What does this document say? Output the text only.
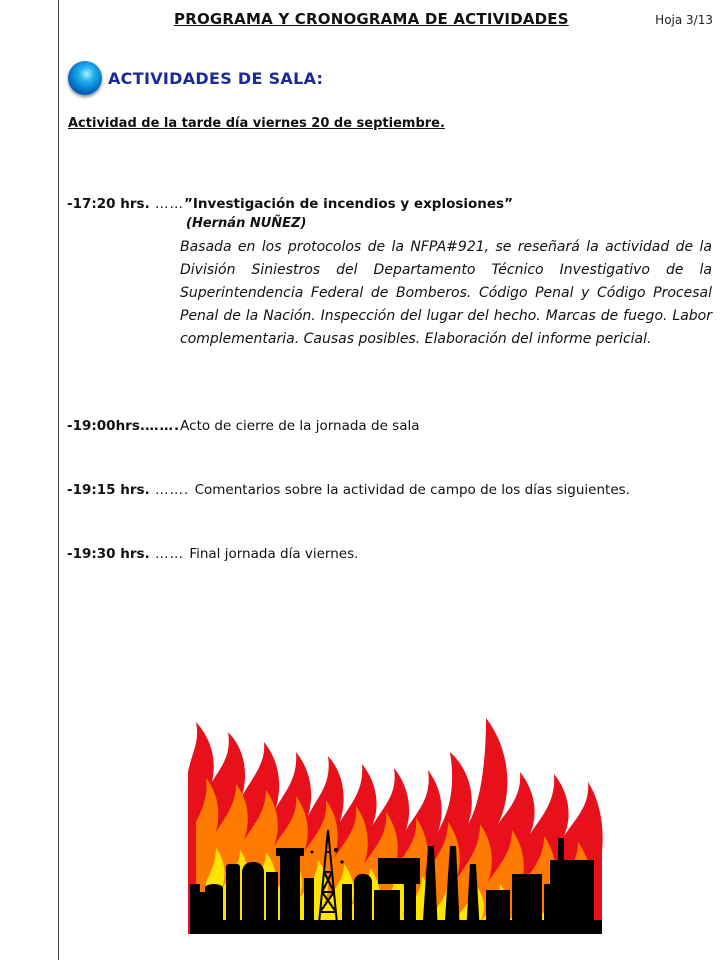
Hoja 3/13
PROGRAMA Y CRONOGRAMA DE ACTIVIDADES
ACTIVIDADES DE SALA:
Actividad de la tarde día viernes 20 de septiembre.
-17:20 hrs. ……”Investigación de incendios y explosiones”
(Hernán NUÑEZ)
Basada en los protocolos de la NFPA#921, se reseñará la actividad de la División Siniestros del Departamento Técnico Investigativo de la Superintendencia Federal de Bomberos. Código Penal y Código Procesal Penal de la Nación. Inspección del lugar del hecho. Marcas de fuego. Labor complementaria. Causas posibles. Elaboración del informe pericial.
-19:00hrs.…….Acto de cierre de la jornada de sala
-19:15 hrs. ……. Comentarios sobre la actividad de campo de los días siguientes.
-19:30 hrs. …… Final jornada día viernes.
